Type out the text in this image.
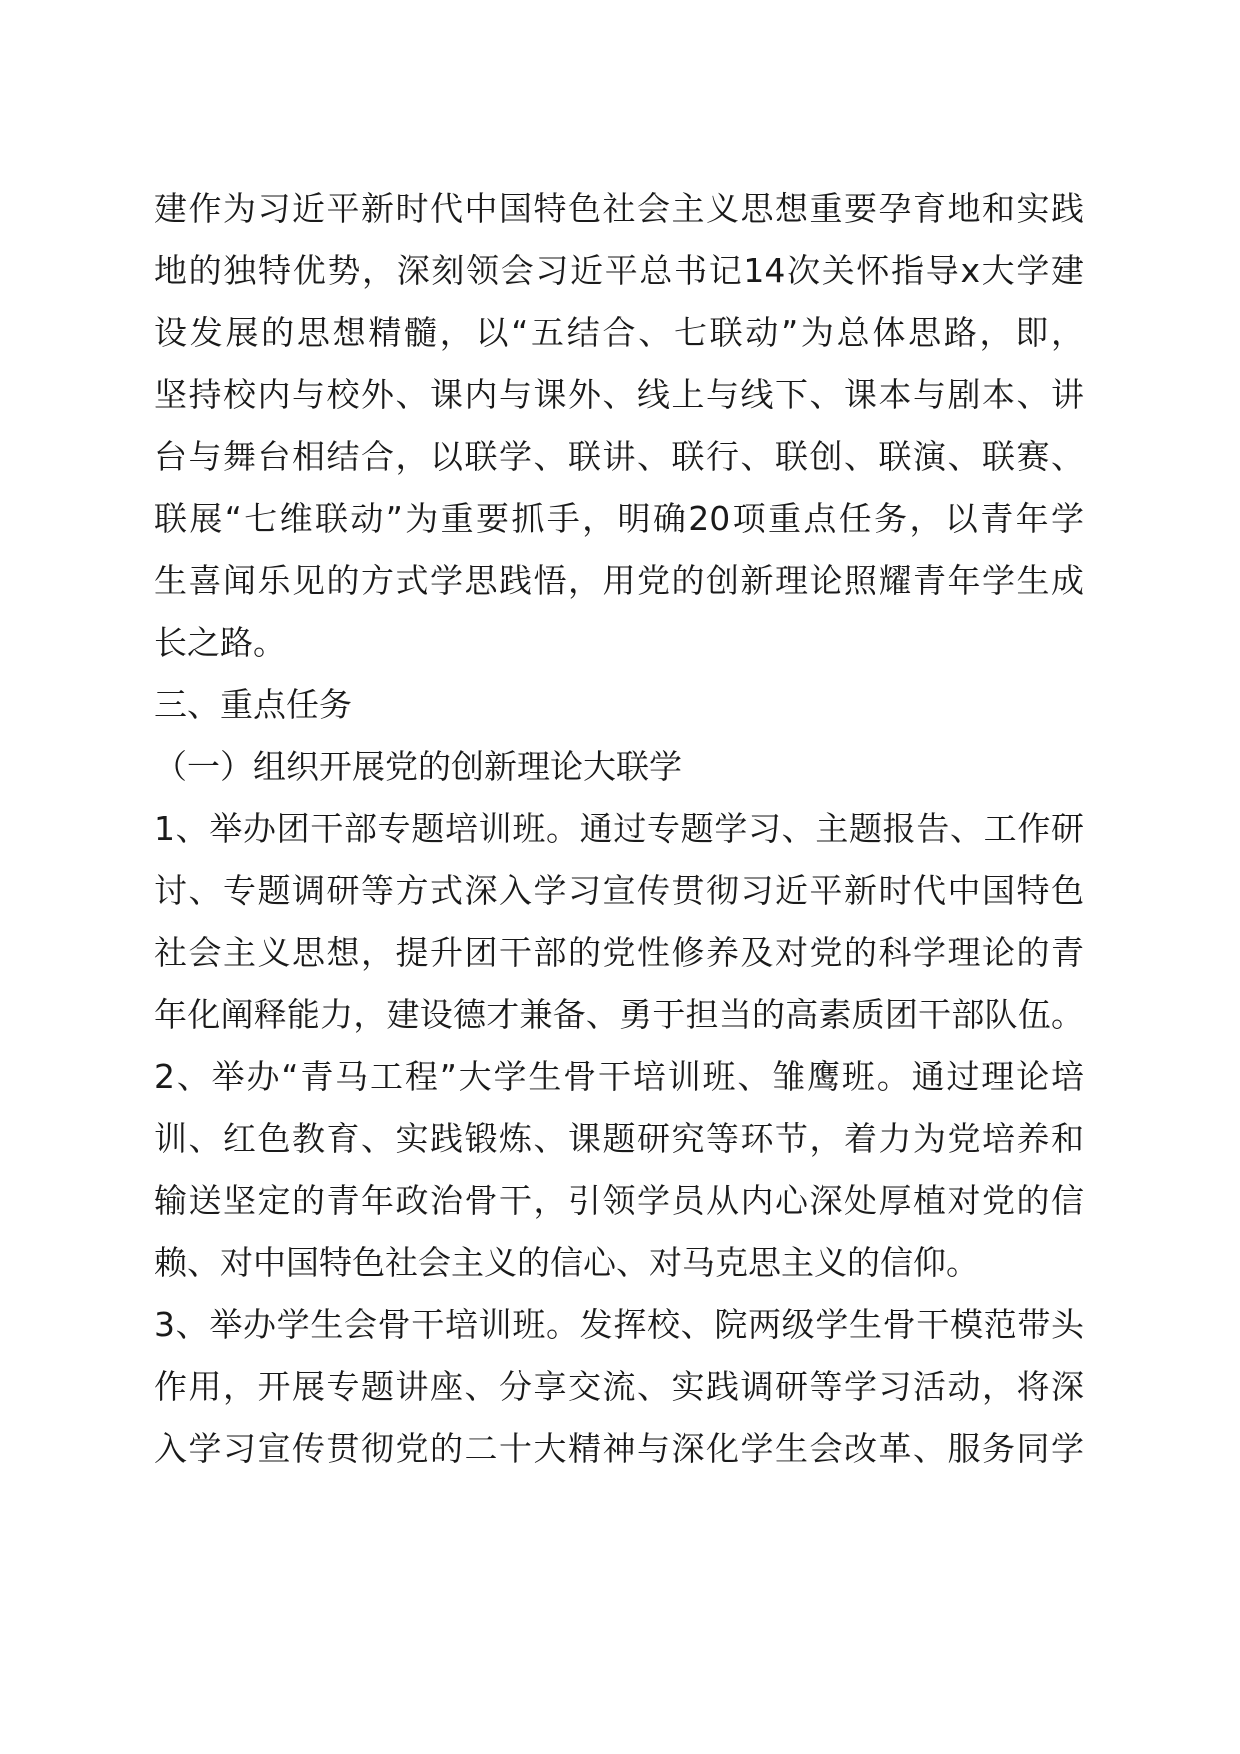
建作为习近平新时代中国特色社会主义思想重要孕育地和实践
地的独特优势，深刻领会习近平总书记14次关怀指导x大学建
设发展的思想精髓，以“五结合、七联动”为总体思路，即，
坚持校内与校外、课内与课外、线上与线下、课本与剧本、讲
台与舞台相结合，以联学、联讲、联行、联创、联演、联赛、
联展“七维联动”为重要抓手，明确20项重点任务，以青年学
生喜闻乐见的方式学思践悟，用党的创新理论照耀青年学生成
长之路。
三、重点任务
（一）组织开展党的创新理论大联学
1、举办团干部专题培训班。通过专题学习、主题报告、工作研
讨、专题调研等方式深入学习宣传贯彻习近平新时代中国特色
社会主义思想，提升团干部的党性修养及对党的科学理论的青
年化阐释能力，建设德才兼备、勇于担当的高素质团干部队伍。
2、举办“青马工程”大学生骨干培训班、雏鹰班。通过理论培
训、红色教育、实践锻炼、课题研究等环节，着力为党培养和
输送坚定的青年政治骨干，引领学员从内心深处厚植对党的信
赖、对中国特色社会主义的信心、对马克思主义的信仰。
3、举办学生会骨干培训班。发挥校、院两级学生骨干模范带头
作用，开展专题讲座、分享交流、实践调研等学习活动，将深
入学习宣传贯彻党的二十大精神与深化学生会改革、服务同学
